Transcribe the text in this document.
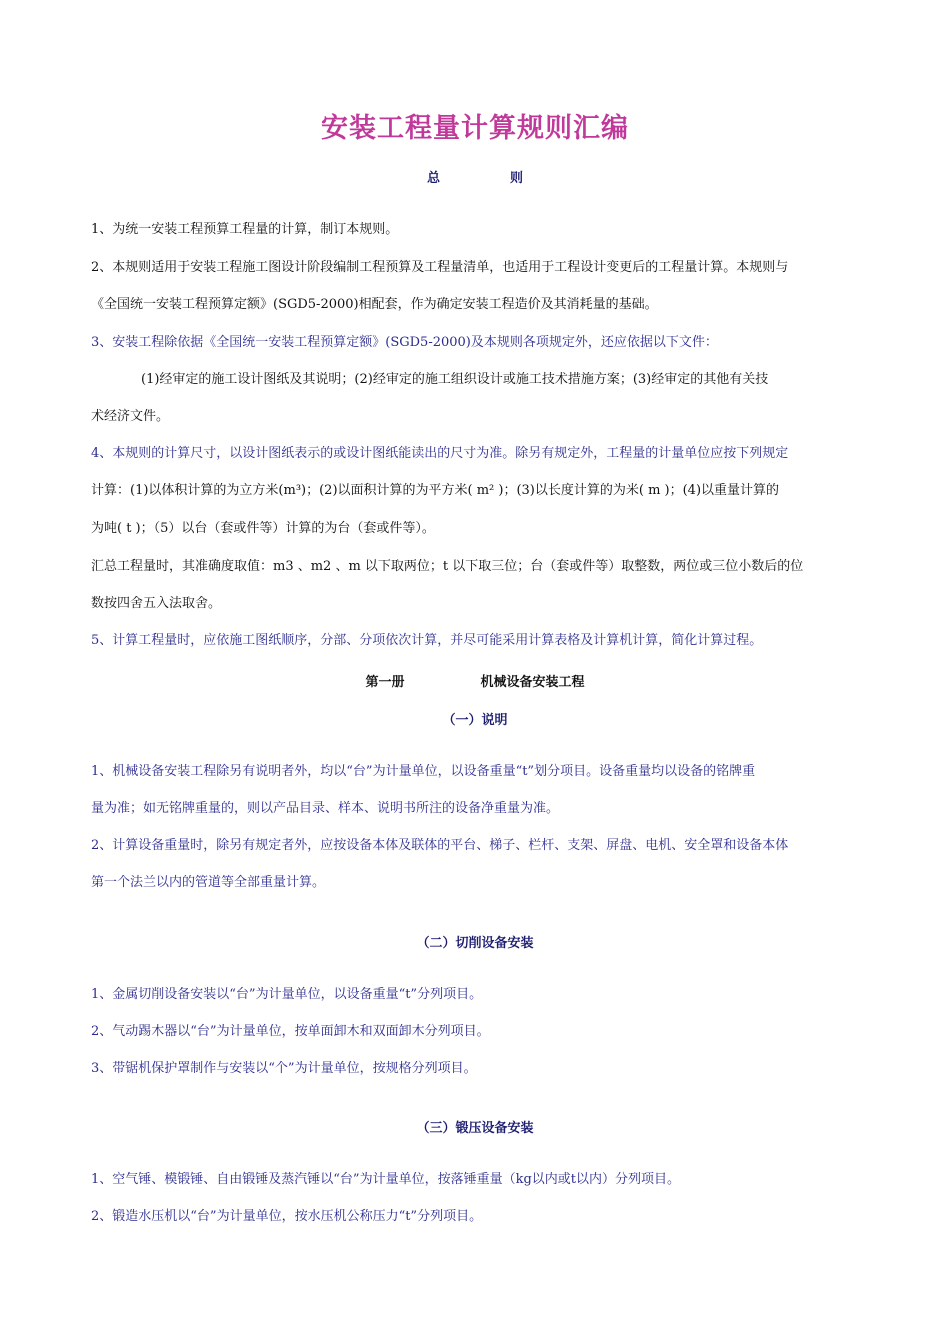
安装工程量计算规则汇编
总	则
1、为统一安装工程预算工程量的计算，制订本规则。
2、本规则适用于安装工程施工图设计阶段编制工程预算及工程量清单，也适用于工程设计变更后的工程量计算。本规则与
《全国统一安装工程预算定额》(SGD5-2000)相配套，作为确定安装工程造价及其消耗量的基础。
3、安装工程除依据《全国统一安装工程预算定额》(SGD5-2000)及本规则各项规定外，还应依据以下文件：
(1)经审定的施工设计图纸及其说明；(2)经审定的施工组织设计或施工技术措施方案；(3)经审定的其他有关技
术经济文件。
4、本规则的计算尺寸，以设计图纸表示的或设计图纸能读出的尺寸为准。除另有规定外，工程量的计量单位应按下列规定
计算：(1)以体积计算的为立方米(m³)；(2)以面积计算的为平方米( m² )；(3)以长度计算的为米( m )；(4)以重量计算的
为吨( t )；（5）以台（套或件等）计算的为台（套或件等）。
汇总工程量时，其准确度取值：m3 、m2 、m 以下取两位；t 以下取三位；台（套或件等）取整数，两位或三位小数后的位
数按四舍五入法取舍。
5、计算工程量时，应依施工图纸顺序，分部、分项依次计算，并尽可能采用计算表格及计算机计算，简化计算过程。
第一册	机械设备安装工程
（一）说明
1、机械设备安装工程除另有说明者外，均以“台”为计量单位，以设备重量“t”划分项目。设备重量均以设备的铭牌重
量为准；如无铭牌重量的，则以产品目录、样本、说明书所注的设备净重量为准。
2、计算设备重量时，除另有规定者外，应按设备本体及联体的平台、梯子、栏杆、支架、屏盘、电机、安全罩和设备本体
第一个法兰以内的管道等全部重量计算。
（二）切削设备安装
1、金属切削设备安装以“台”为计量单位，以设备重量“t”分列项目。
2、气动踢木器以“台”为计量单位，按单面卸木和双面卸木分列项目。
3、带锯机保护罩制作与安装以“个”为计量单位，按规格分列项目。
（三）锻压设备安装
1、空气锤、模锻锤、自由锻锤及蒸汽锤以“台”为计量单位，按落锤重量（kg以内或t以内）分列项目。
2、锻造水压机以“台”为计量单位，按水压机公称压力“t”分列项目。
